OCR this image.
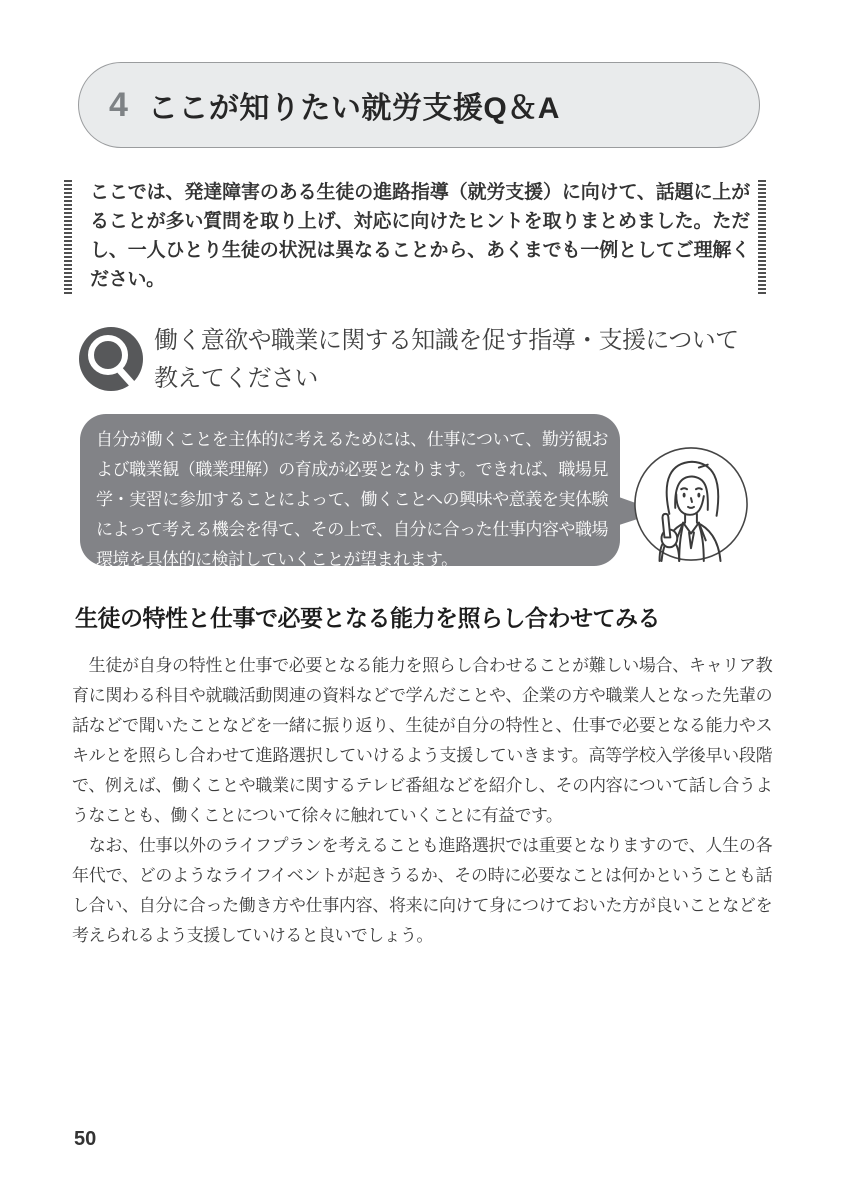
4 ここが知りたい就労支援Q＆A

ここでは、発達障害のある生徒の進路指導（就労支援）に向けて、話題に上がることが多い質問を取り上げ、対応に向けたヒントを取りまとめました。ただし、一人ひとり生徒の状況は異なることから、あくまでも一例としてご理解ください。

働く意欲や職業に関する知識を促す指導・支援について教えてください

自分が働くことを主体的に考えるためには、仕事について、勤労観および職業観（職業理解）の育成が必要となります。できれば、職場見学・実習に参加することによって、働くことへの興味や意義を実体験によって考える機会を得て、その上で、自分に合った仕事内容や職場環境を具体的に検討していくことが望まれます。

生徒の特性と仕事で必要となる能力を照らし合わせてみる

　生徒が自身の特性と仕事で必要となる能力を照らし合わせることが難しい場合、キャリア教育に関わる科目や就職活動関連の資料などで学んだことや、企業の方や職業人となった先輩の話などで聞いたことなどを一緒に振り返り、生徒が自分の特性と、仕事で必要となる能力やスキルとを照らし合わせて進路選択していけるよう支援していきます。高等学校入学後早い段階で、例えば、働くことや職業に関するテレビ番組などを紹介し、その内容について話し合うようなことも、働くことについて徐々に触れていくことに有益です。

　なお、仕事以外のライフプランを考えることも進路選択では重要となりますので、人生の各年代で、どのようなライフイベントが起きうるか、その時に必要なことは何かということも話し合い、自分に合った働き方や仕事内容、将来に向けて身につけておいた方が良いことなどを考えられるよう支援していけると良いでしょう。

50
